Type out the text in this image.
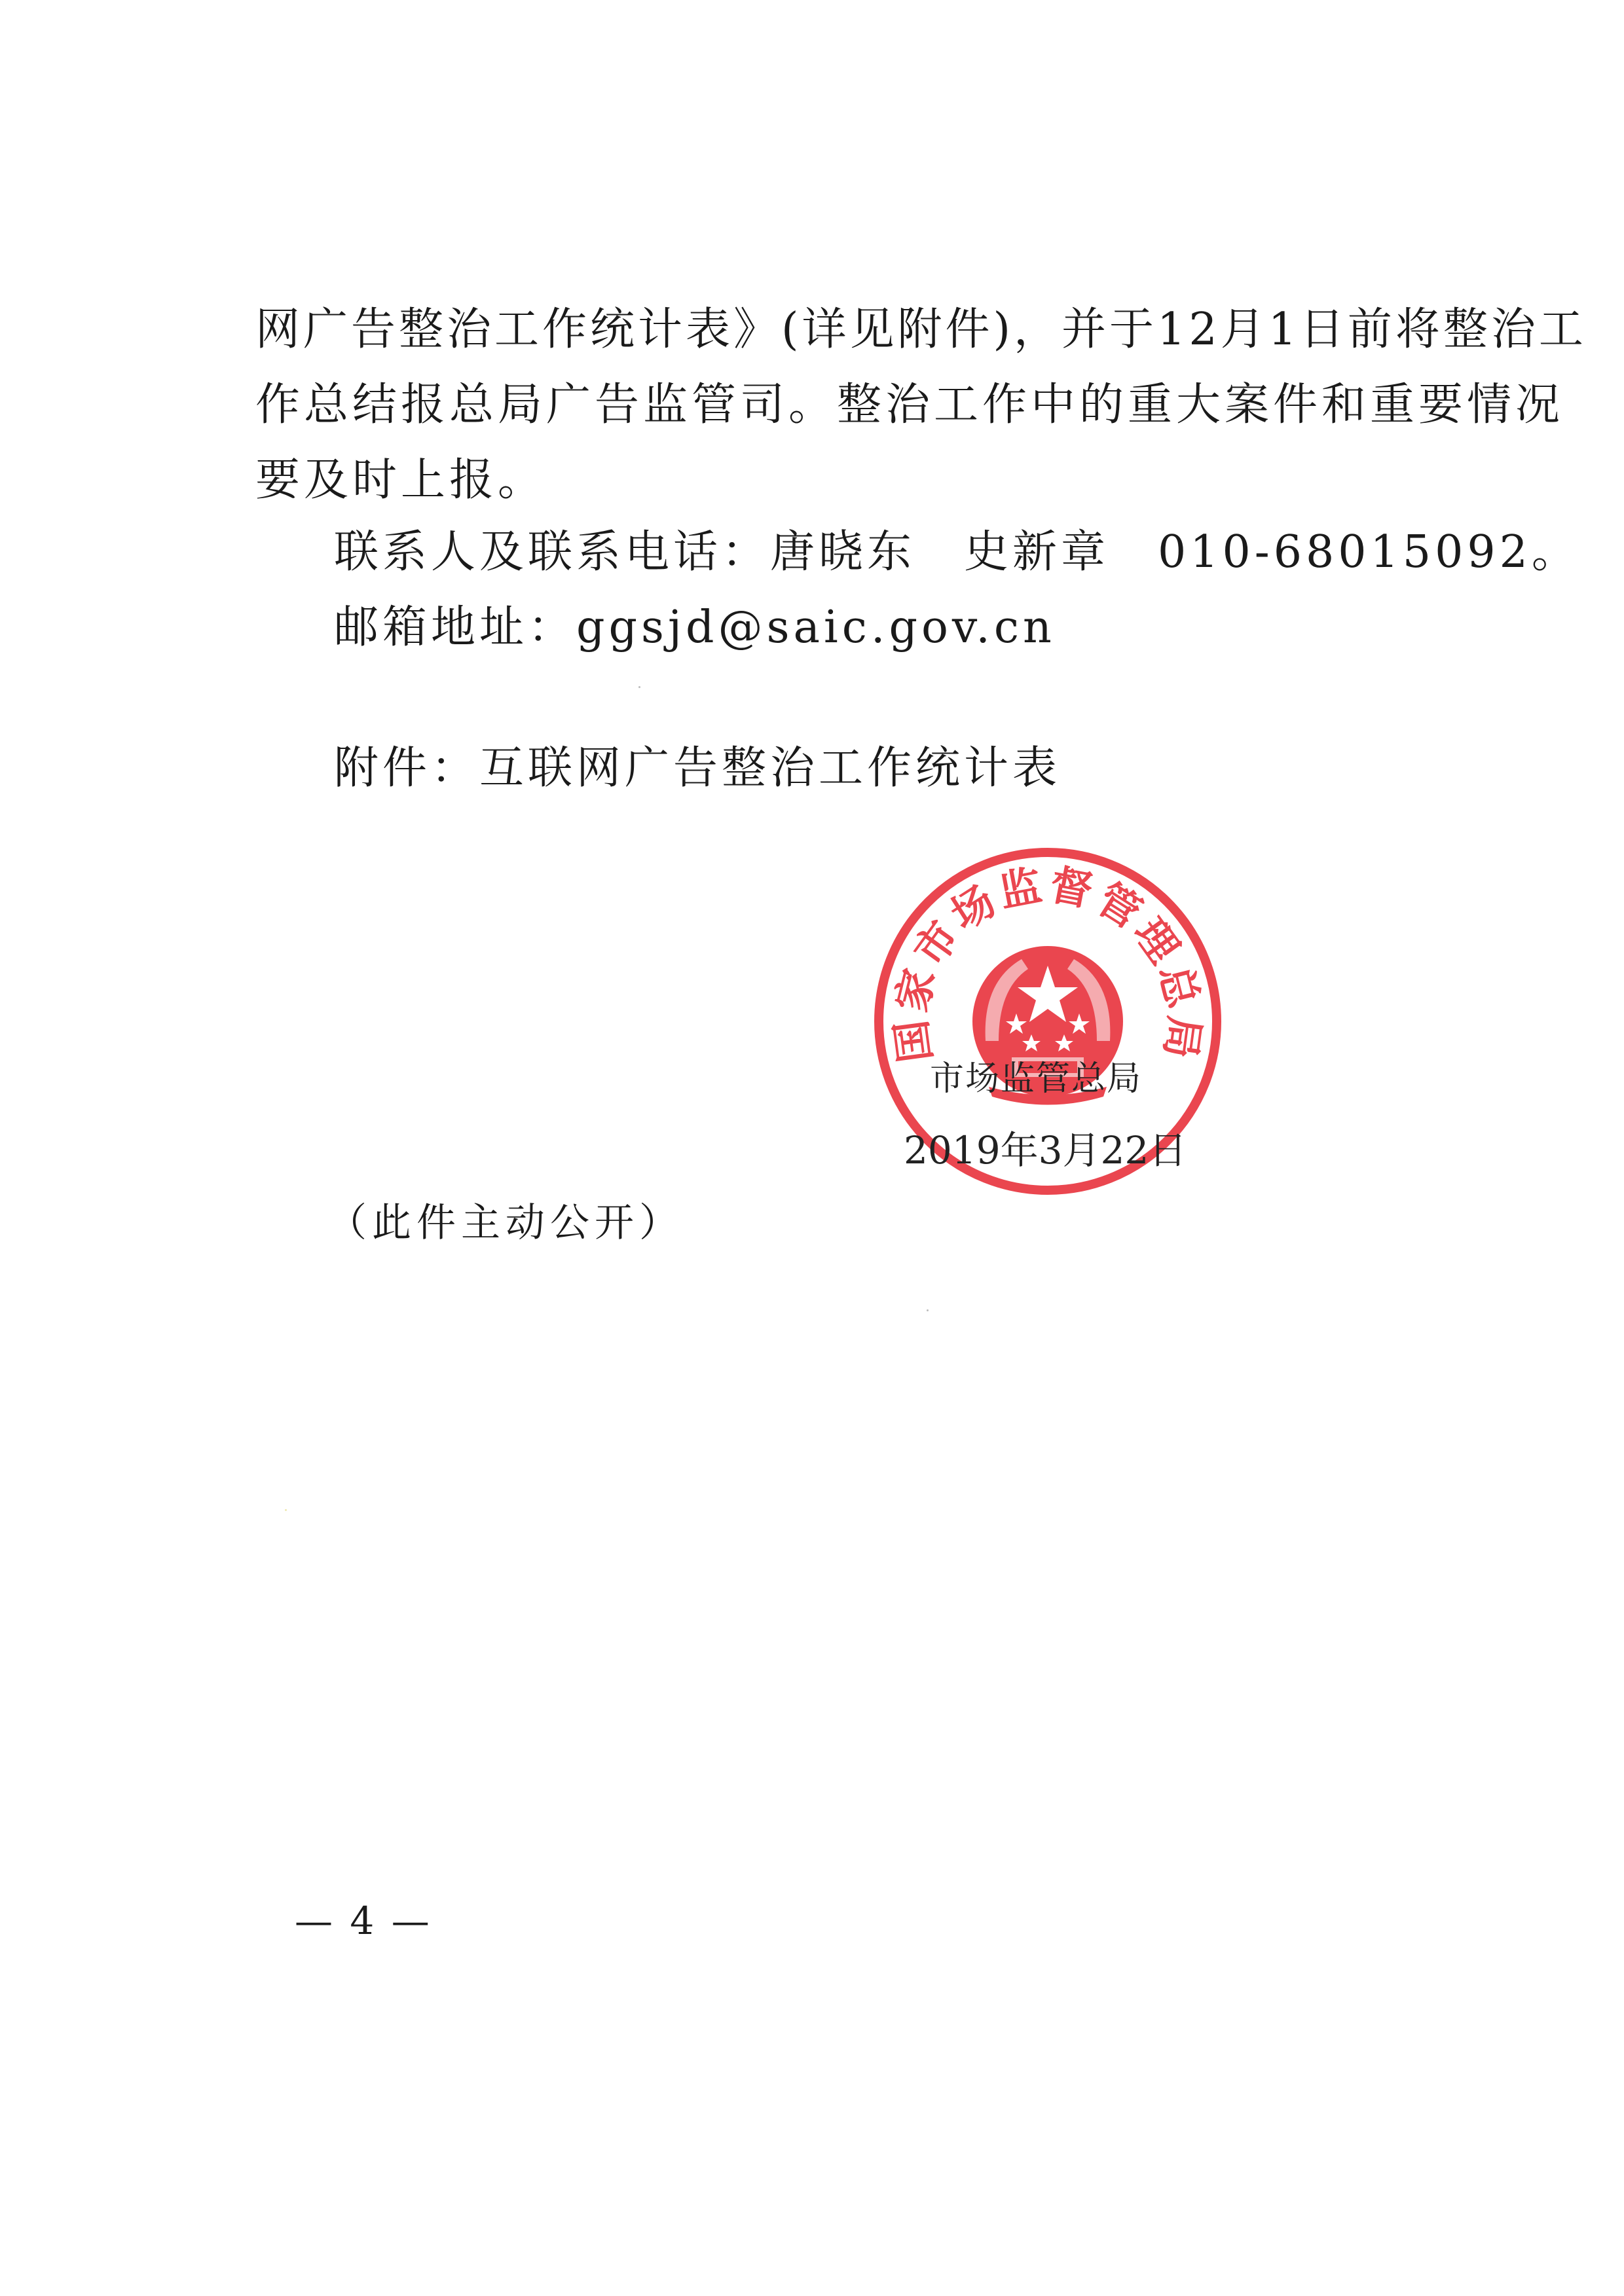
网广告整治工作统计表》(详见附件)，并于12月1日前将整治工
作总结报总局广告监管司。整治工作中的重大案件和重要情况
要及时上报。
联系人及联系电话：唐晓东　史新章　010-68015092。
邮箱地址：ggsjd@saic.gov.cn
附件：互联网广告整治工作统计表
国家市场监督管理总局
市场监管总局
2019年3月22日
（此件主动公开）
— 4 —
